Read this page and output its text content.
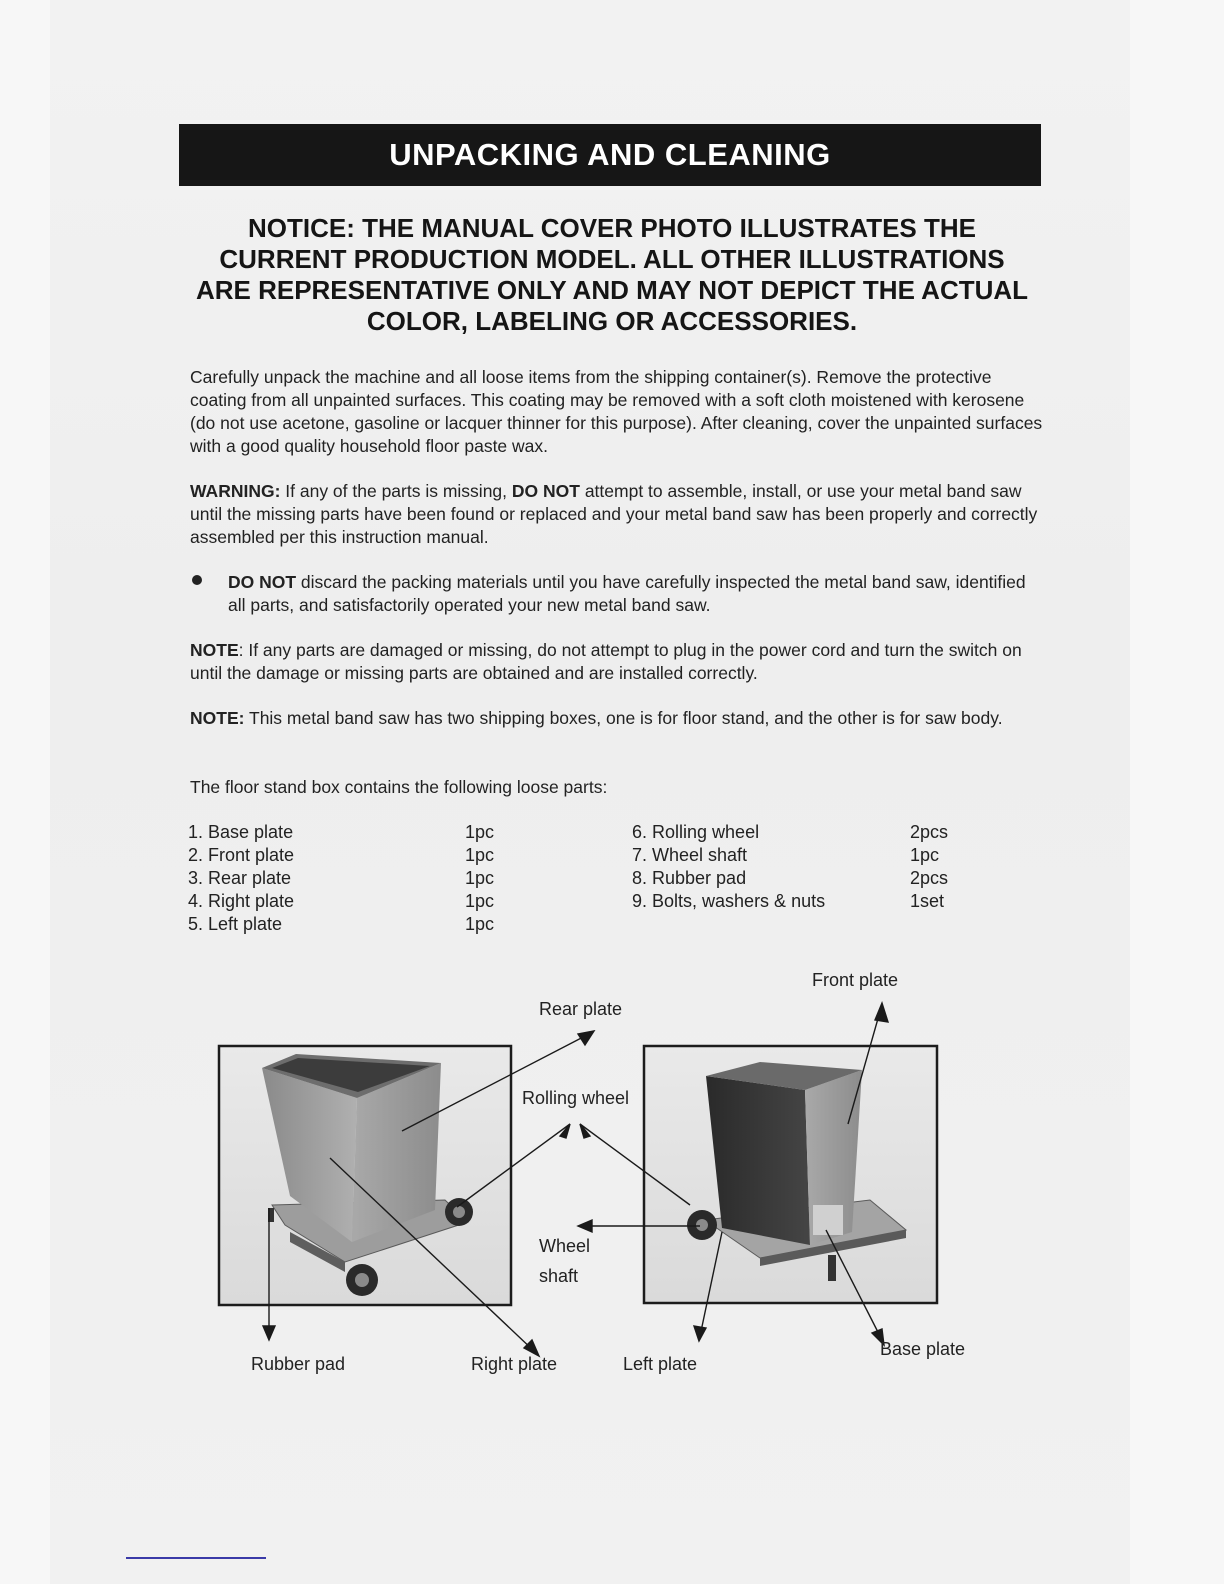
UNPACKING AND CLEANING
NOTICE: THE MANUAL COVER PHOTO ILLUSTRATES THE
CURRENT PRODUCTION MODEL. ALL OTHER ILLUSTRATIONS
ARE REPRESENTATIVE ONLY AND MAY NOT DEPICT THE ACTUAL
COLOR, LABELING OR ACCESSORIES.
Carefully unpack the machine and all loose items from the shipping container(s). Remove the protective coating from all unpainted surfaces. This coating may be removed with a soft cloth moistened with kerosene (do not use acetone, gasoline or lacquer thinner for this purpose). After cleaning, cover the unpainted surfaces with a good quality household floor paste wax.
WARNING: If any of the parts is missing, DO NOT attempt to assemble, install, or use your metal band saw until the missing parts have been found or replaced and your metal band saw has been properly and correctly assembled per this instruction manual.
DO NOT discard the packing materials until you have carefully inspected the metal band saw, identified all parts, and satisfactorily operated your new metal band saw.
NOTE: If any parts are damaged or missing, do not attempt to plug in the power cord and turn the switch on until the damage or missing parts are obtained and are installed correctly.
NOTE: This metal band saw has two shipping boxes, one is for floor stand, and the other is for saw body.
The floor stand box contains the following loose parts:
1. Base plate	1pc
2. Front plate	1pc
3. Rear plate	1pc
4. Right plate	1pc
5. Left plate	1pc
6. Rolling wheel	2pcs
7. Wheel shaft	1pc
8. Rubber pad	2pcs
9. Bolts, washers & nuts	1set
Front plate
Rear plate
Rolling wheel
Wheel
shaft
Rubber pad	Right plate	Left plate
Base plate
